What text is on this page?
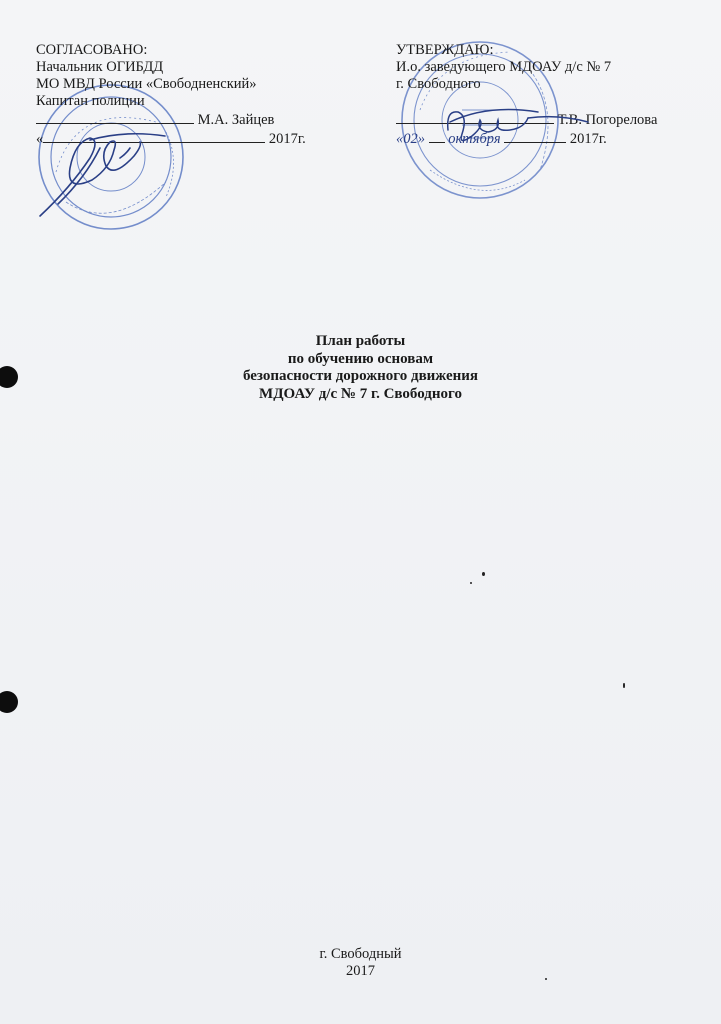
СОГЛАСОВАНО:
Начальник ОГИБДД
МО МВД России «Свободненский»
Капитан полиции
М.А. Зайцев
«	2017г.
УТВЕРЖДАЮ:
И.о. заведующего МДОАУ д/с № 7
г. Свободного
Т.В. Погорелова
«02» октября	2017г.
План работы
по обучению основам
безопасности дорожного движения
МДОАУ д/с № 7 г. Свободного
г. Свободный
2017
